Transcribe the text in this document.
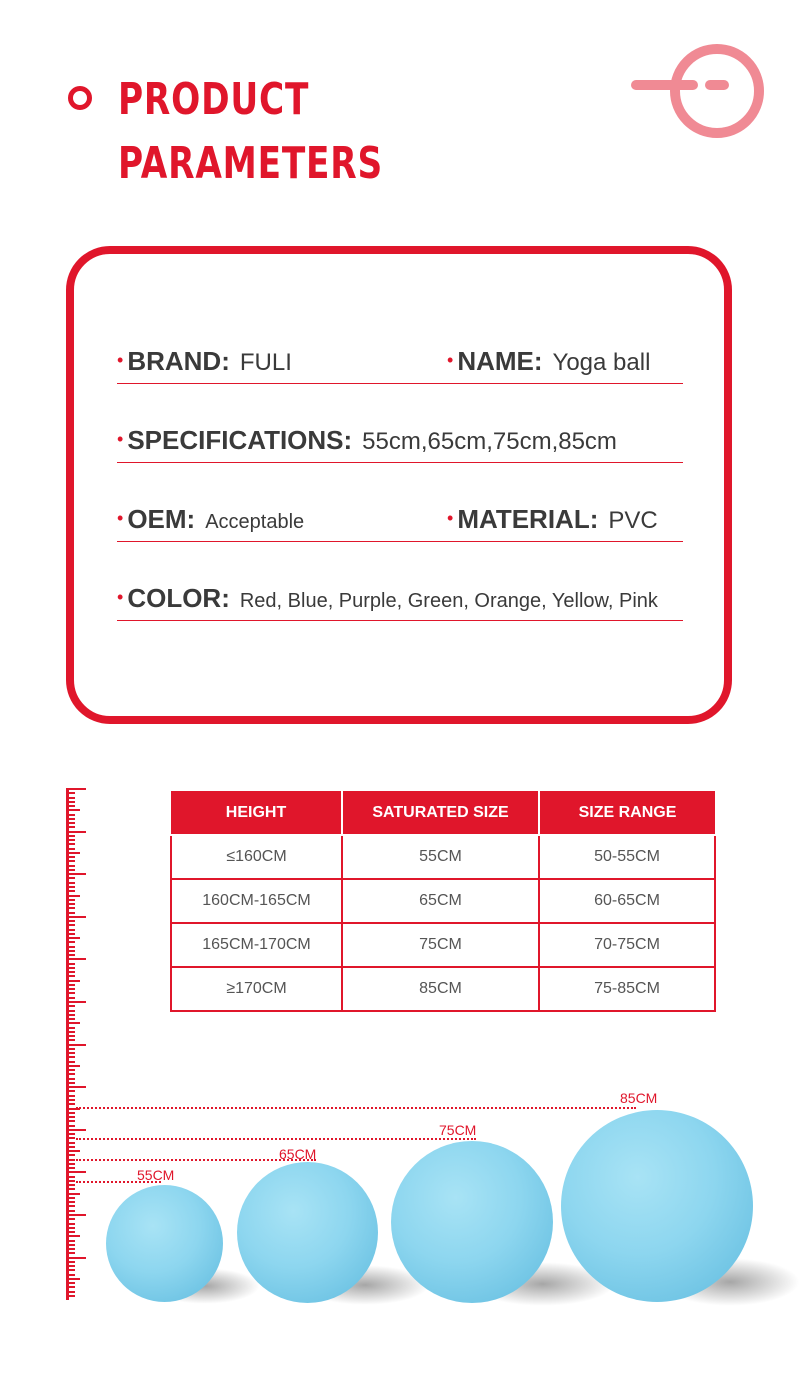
PRODUCT
PARAMETERS
• BRAND: FULI	• NAME: Yoga ball
• SPECIFICATIONS: 55cm,65cm,75cm,85cm
• OEM: Acceptable	• MATERIAL: PVC
• COLOR: Red, Blue, Purple, Green, Orange, Yellow, Pink
HEIGHT	SATURATED SIZE	SIZE RANGE
≤160CM	55CM	50-55CM
160CM-165CM	65CM	60-65CM
165CM-170CM	75CM	70-75CM
≥170CM	85CM	75-85CM
85CM
75CM
65CM
55CM
